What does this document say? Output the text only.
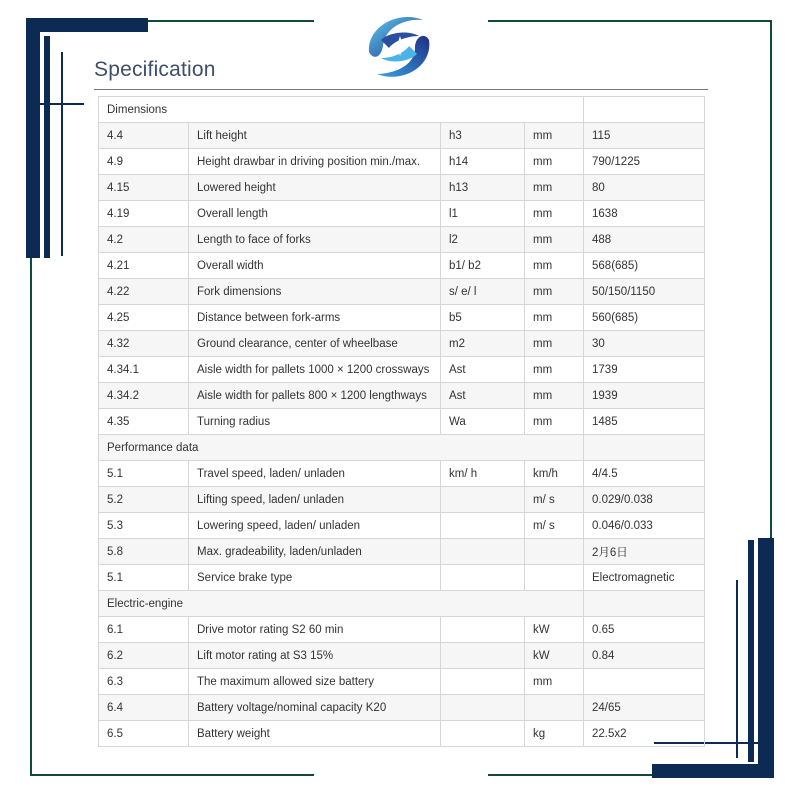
Specification
Dimensions				
4.4	Lift height	h3	mm	115
4.9	Height drawbar in driving position min./max.	h14	mm	790/1225
4.15	Lowered height	h13	mm	80
4.19	Overall length	l1	mm	1638
4.2	Length to face of forks	l2	mm	488
4.21	Overall width	b1/ b2	mm	568(685)
4.22	Fork dimensions	s/ e/ l	mm	50/150/1150
4.25	Distance between fork-arms	b5	mm	560(685)
4.32	Ground clearance, center of wheelbase	m2	mm	30
4.34.1	Aisle width for pallets 1000 × 1200 crossways	Ast	mm	1739
4.34.2	Aisle width for pallets 800 × 1200 lengthways	Ast	mm	1939
4.35	Turning radius	Wa	mm	1485
Performance data				
5.1	Travel speed, laden/ unladen	km/ h	km/h	4/4.5
5.2	Lifting speed, laden/ unladen		m/ s	0.029/0.038
5.3	Lowering speed, laden/ unladen		m/ s	0.046/0.033
5.8	Max. gradeability, laden/unladen			2月6日
5.1	Service brake type			Electromagnetic
Electric-engine				
6.1	Drive motor rating S2 60 min		kW	0.65
6.2	Lift motor rating at S3 15%		kW	0.84
6.3	The maximum allowed size battery		mm	
6.4	Battery voltage/nominal capacity K20			24/65
6.5	Battery weight		kg	22.5x2
